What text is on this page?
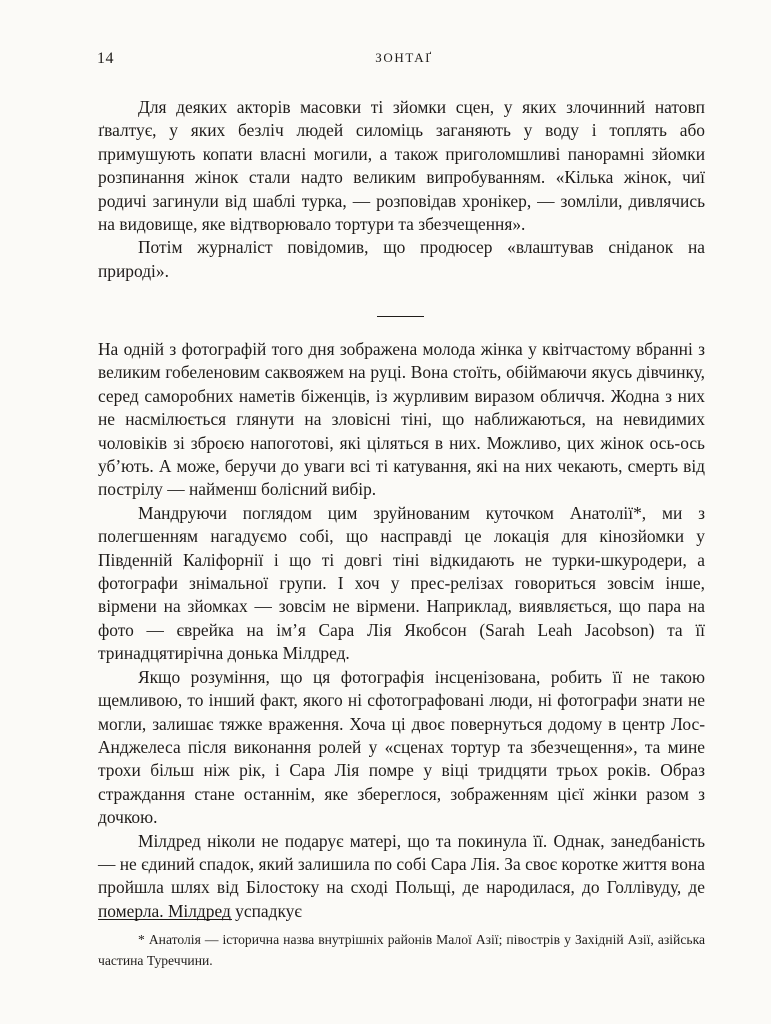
14	ЗОНТАҐ

Для деяких акторів масовки ті зйомки сцен, у яких злочинний натовп ґвалтує, у яких безліч людей силоміць заганяють у воду і топлять або примушують копати власні могили, а також приголомшливі панорамні зйомки розпинання жінок стали надто великим випробуванням. «Кілька жінок, чиї родичі загинули від шаблі турка, — розповідав хронікер, — зомліли, дивлячись на видовище, яке відтворювало тортури та збезчещення».

Потім журналіст повідомив, що продюсер «влаштував сніданок на природі».

На одній з фотографій того дня зображена молода жінка у квітчастому вбранні з великим гобеленовим саквояжем на руці. Вона стоїть, обіймаючи якусь дівчинку, серед саморобних наметів біженців, із журливим виразом обличчя. Жодна з них не насмілюється глянути на зловісні тіні, що наближаються, на невидимих чоловіків зі зброєю напоготові, які ціляться в них. Можливо, цих жінок ось-ось уб’ють. А може, беручи до уваги всі ті катування, які на них чекають, смерть від пострілу — найменш болісний вибір.

Мандруючи поглядом цим зруйнованим куточком Анатолії*, ми з полегшенням нагадуємо собі, що насправді це локація для кінозйомки у Південній Каліфорнії і що ті довгі тіні відкидають не турки-шкуродери, а фотографи знімальної групи. І хоч у прес-релізах говориться зовсім інше, вірмени на зйомках — зовсім не вірмени. Наприклад, виявляється, що пара на фото — єврейка на ім’я Сара Лія Якобсон (Sarah Leah Jacobson) та її тринадцятирічна донька Мілдред.

Якщо розуміння, що ця фотографія інсценізована, робить її не такою щемливою, то інший факт, якого ні сфотографовані люди, ні фотографи знати не могли, залишає тяжке враження. Хоча ці двоє повернуться додому в центр Лос-Анджелеса після виконання ролей у «сценах тортур та збезчещення», та мине трохи більш ніж рік, і Сара Лія помре у віці тридцяти трьох років. Образ страждання стане останнім, яке збереглося, зображенням цієї жінки разом з дочкою.

Мілдред ніколи не подарує матері, що та покинула її. Однак, занедбаність — не єдиний спадок, який залишила по собі Сара Лія. За своє коротке життя вона пройшла шлях від Білостоку на сході Польщі, де народилася, до Голлівуду, де померла. Мілдред успадкує

* Анатолія — історична назва внутрішніх районів Малої Азії; півострів у Західній Азії, азійська частина Туреччини.
